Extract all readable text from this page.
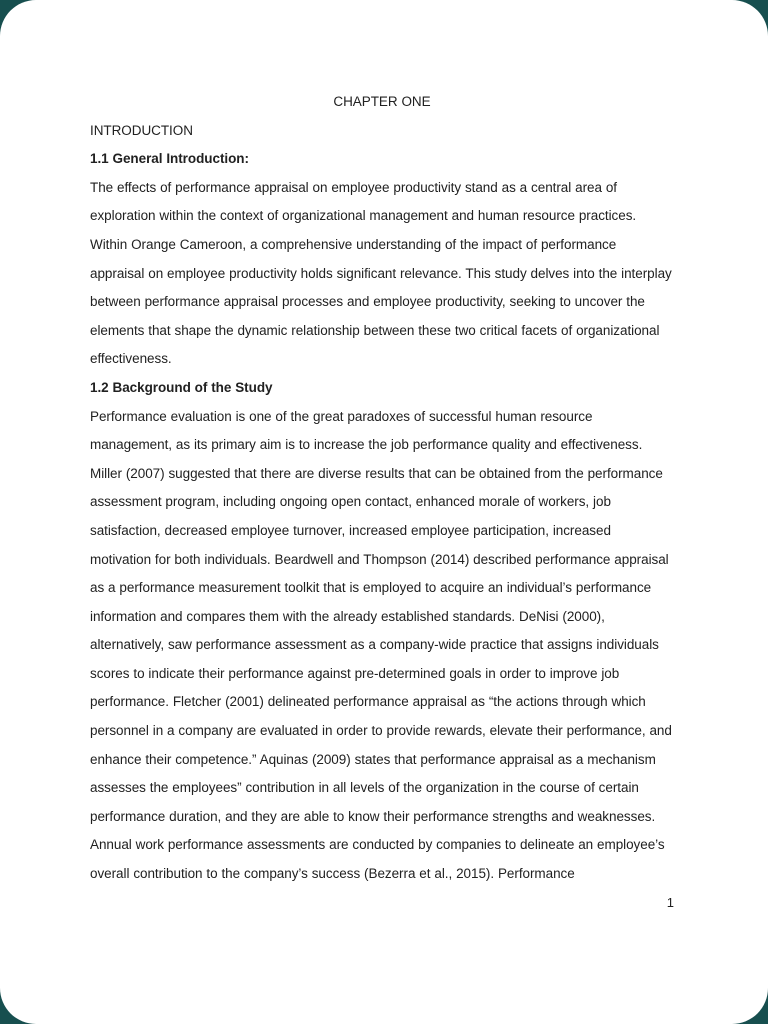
CHAPTER ONE

INTRODUCTION

1.1 General Introduction:

The effects of performance appraisal on employee productivity stand as a central area of exploration within the context of organizational management and human resource practices. Within Orange Cameroon, a comprehensive understanding of the impact of performance appraisal on employee productivity holds significant relevance. This study delves into the interplay between performance appraisal processes and employee productivity, seeking to uncover the elements that shape the dynamic relationship between these two critical facets of organizational effectiveness.

1.2 Background of the Study

Performance evaluation is one of the great paradoxes of successful human resource management, as its primary aim is to increase the job performance quality and effectiveness. Miller (2007) suggested that there are diverse results that can be obtained from the performance assessment program, including ongoing open contact, enhanced morale of workers, job satisfaction, decreased employee turnover, increased employee participation, increased motivation for both individuals. Beardwell and Thompson (2014) described performance appraisal as a performance measurement toolkit that is employed to acquire an individual’s performance information and compares them with the already established standards. DeNisi (2000), alternatively, saw performance assessment as a company-wide practice that assigns individuals scores to indicate their performance against pre-determined goals in order to improve job performance. Fletcher (2001) delineated performance appraisal as “the actions through which personnel in a company are evaluated in order to provide rewards, elevate their performance, and enhance their competence.” Aquinas (2009) states that performance appraisal as a mechanism assesses the employees” contribution in all levels of the organization in the course of certain performance duration, and they are able to know their performance strengths and weaknesses.

Annual work performance assessments are conducted by companies to delineate an employee’s overall contribution to the company’s success (Bezerra et al., 2015). Performance

1
